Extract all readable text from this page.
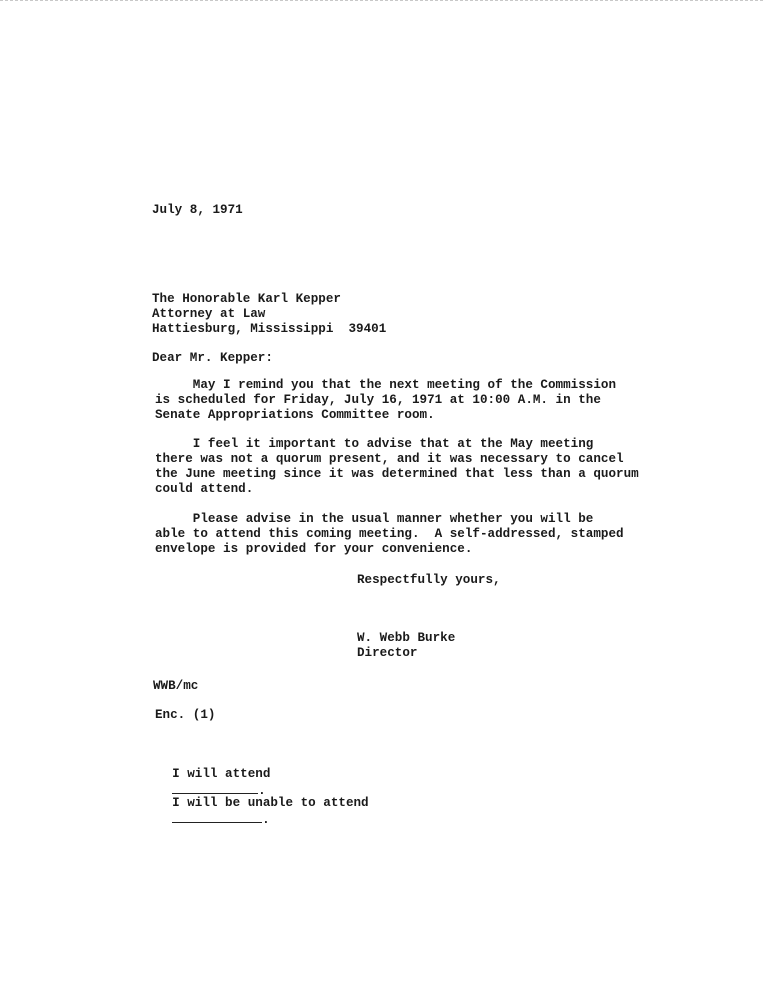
July 8, 1971
The Honorable Karl Kepper
Attorney at Law
Hattiesburg, Mississippi  39401
Dear Mr. Kepper:
May I remind you that the next meeting of the Commission
is scheduled for Friday, July 16, 1971 at 10:00 A.M. in the
Senate Appropriations Committee room.
I feel it important to advise that at the May meeting
there was not a quorum present, and it was necessary to cancel
the June meeting since it was determined that less than a quorum
could attend.
Please advise in the usual manner whether you will be
able to attend this coming meeting.  A self-addressed, stamped
envelope is provided for your convenience.
Respectfully yours,
W. Webb Burke
Director
WWB/mc
Enc. (1)

I will attend
.

I will be unable to attend
.
